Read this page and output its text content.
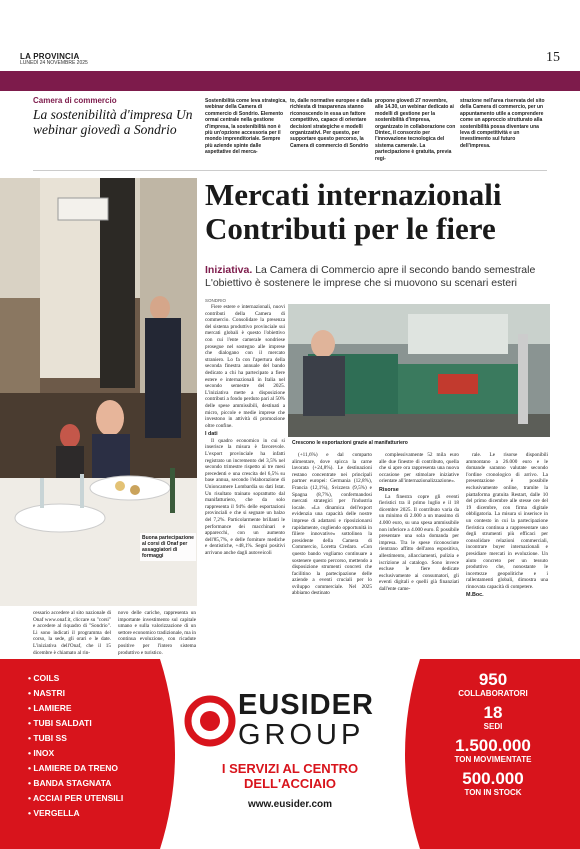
LA PROVINCIA
LUNEDÌ 24 NOVEMBRE 2025	15
Camera di commercio
La sostenibilità d'impresa Un webinar giovedì a Sondrio
Sostenibilità come leva strategica, webinar della Camera di commercio di Sondrio. Elemento ormai centrale nella gestione d'impresa, la sostenibilità non è più un'opzione accessoria per il mondo imprenditoriale. Sempre più aziende spinte dalle aspettative del merca-
to, dalle normative europee e dalla richiesta di trasparenza stanno riconoscendo in essa un fattore competitivo, capace di orientare decisioni strategiche e modelli organizzativi. Per questo, per supportare questo percorso, la Camera di commercio di Sondrio
propone giovedì 27 novembre, alle 14.30, un webinar dedicato ai modelli di gestione per la sostenibilità d'impresa, organizzato in collaborazione con Dintec, il consorzio per l'innovazione tecnologica del sistema camerale. La partecipazione è gratuita, previa regi-
strazione nell'area riservata del sito della Camera di commercio, per un appuntamento utile a comprendere come un approccio strutturato alla sostenibilità possa diventare una leva di competitività e un investimento sul futuro dell'impresa.
Buona partecipazione al corsi di Onaf per assaggiatori di formaggi
Mercati internazionali Contributi per le fiere
Iniziativa. La Camera di Commercio apre il secondo bando semestrale L'obiettivo è sostenere le imprese che si muovono su scenari esteri
SONDRIO
Crescono le esportazioni grazie al manifatturiero

Fiere estere e internazionali, nuovi contributi della Camera di commercio. Consolidare la presenza del sistema produttivo provinciale sui mercati globali è questo l'obiettivo con cui l'ente camerale sondriese prosegue nel sostegno alle imprese che dialogano con il mercato straniero. Lo fa con l'apertura della seconda finestra annuale del bando dedicato a chi ha partecipato a fiere estere e internazionali in Italia nel secondo semestre del 2025. L'iniziativa mette a disposizione contributi a fondo perduto pari al 50% delle spese ammissibili, destinati a micro, piccole e medie imprese che investono in attività di promozione oltre confine.

I dati

Il quadro economico in cui si inserisce la misura è favorevole. L'export provinciale ha infatti registrato un incremento del 3,5% nel secondo trimestre rispetto ai tre mesi precedenti e una crescita del 6,5% su base annua, secondo l'elaborazione di Unioncamere Lombardia su dati Istat. Un risultato trainato soprattutto dal manifatturiero, che da solo rappresenta il 94% delle esportazioni provinciali e che si segnare un balzo del 7,2%. Particolarmente brillanti le performance dei macchinari e apparecchi, con un aumento dell'85,7%, e delle forniture mediche e dentistiche, +48,1%. Segni positivi arrivano anche dagli autoveicoli

(+11,6%) e dal comparto alimentare, dove spicca la carne lavorata (+24,8%). Le destinazioni restano concentrate nei principali partner europei: Germania (12,8%), Francia (12,1%), Svizzera (9,5%) e Spagna (8,7%), confermandosi mercati strategici per l'industria locale. «La dinamica dell'export evidenzia una capacità delle nostre imprese di adattarsi e riposizionarsi rapidamente, cogliendo opportunità in filiere innovative» sottolinea la presidente della Camera di Commercio, Loretta Credaro. «Con questo bando vogliamo continuare a sostenere questo percorso, mettendo a disposizione strumenti concreti che facilitino la partecipazione delle aziende a eventi cruciali per lo sviluppo commerciale. Nel 2025 abbiamo destinato

complessivamente 52 mila euro alle due finestre di contributo, quella che si apre ora rappresenta una nuova occasione per stimolare iniziative orientate all'internazionalizzazione».

Risorse

La finestra copre gli eventi fieristici tra il primo luglio e il 18 dicembre 2025. Il contributo varia da un minimo di 2.000 a un massimo di 4.000 euro, su una spesa ammissibile non inferiore a 4.000 euro. È possibile presentare una sola domanda per impresa. Tra le spese riconosciute rientrano affitto dell'area espositiva, allestimento, allacciamenti, pulizia e iscrizione al catalogo. Sono invece escluse le fiere dedicate esclusivamente ai consumatori, gli eventi digitali e quelli già finanziati dall'ente came-

rale. Le risorse disponibili ammontano a 26.000 euro e le domande saranno valutate secondo l'ordine cronologico di arrivo. La presentazione è possibile esclusivamente online, tramite la piattaforma gratuita Restart, dalle 10 del primo dicembre alle stesse ore del 19 dicembre, con firma digitale obbligatoria. La misura si inserisce in un contesto in cui la partecipazione fieristica continua a rappresentare uno degli strumenti più efficaci per consolidare relazioni commerciali, incontrare buyer internazionali e presidiare mercati in evoluzione. Un aiuto concreto per un tessuto produttivo che, nonostante le incertezze geopolitiche e i rallentamenti globali, dimostra una rinnovata capacità di competere.

M.Boc.
cessario accedere al sito nazionale di Onaf www.onaf.it, cliccare su "corsi" e accedere al riquadro di "Sondrio". Li sono indicati il programma del corso, la sede, gli orari e le date. L'iniziativa dell'Onaf, che il 15 dicembre è chiamato al rin-
novo delle cariche, rappresenta un importante investimento sul capitale umano e sulla valorizzazione di un settore economico tradizionale, ma in continua evoluzione, con ricadute positive per l'intero sistema produttivo e turistico.
• COILS
• NASTRI
• LAMIERE
• TUBI SALDATI
• TUBI SS
• INOX
• LAMIERE DA TRENO
• BANDA STAGNATA
• ACCIAI PER UTENSILI
• VERGELLA
EUSIDER
GROUP
I SERVIZI AL CENTRO DELL'ACCIAIO
www.eusider.com
950
COLLABORATORI
18
SEDI
1.500.000
TON MOVIMENTATE
500.000
TON IN STOCK
